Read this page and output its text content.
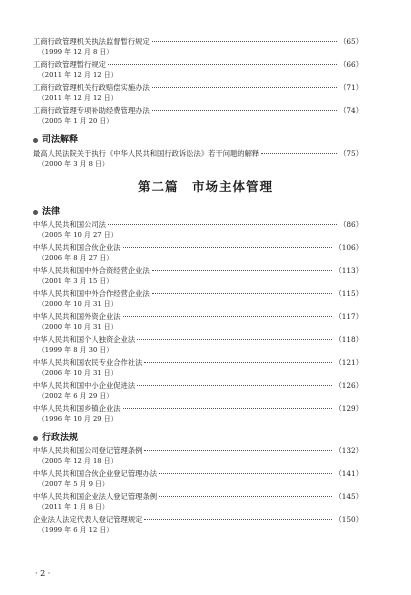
工商行政管理机关执法监督暂行规定	（65）
（1999 年 12 月 8 日）
工商行政管理暂行规定	（66）
（2011 年 12 月 12 日）
工商行政管理机关行政赔偿实施办法	（71）
（2011 年 12 月 12 日）
工商行政管理专项补助经费管理办法	（74）
（2005 年 1 月 20 日）
司法解释
最高人民法院关于执行《中华人民共和国行政诉讼法》若干问题的解释	（75）
（2000 年 3 月 8 日）
第二篇　市场主体管理
法律
中华人民共和国公司法	（86）
（2005 年 10 月 27 日）
中华人民共和国合伙企业法	（106）
（2006 年 8 月 27 日）
中华人民共和国中外合资经营企业法	（113）
（2001 年 3 月 15 日）
中华人民共和国中外合作经营企业法	（115）
（2000 年 10 月 31 日）
中华人民共和国外资企业法	（117）
（2000 年 10 月 31 日）
中华人民共和国个人独资企业法	（118）
（1999 年 8 月 30 日）
中华人民共和国农民专业合作社法	（121）
（2006 年 10 月 31 日）
中华人民共和国中小企业促进法	（126）
（2002 年 6 月 29 日）
中华人民共和国乡镇企业法	（129）
（1996 年 10 月 29 日）
行政法规
中华人民共和国公司登记管理条例	（132）
（2005 年 12 月 18 日）
中华人民共和国合伙企业登记管理办法	（141）
（2007 年 5 月 9 日）
中华人民共和国企业法人登记管理条例	（145）
（2011 年 1 月 8 日）
企业法人法定代表人登记管理规定	（150）
（1999 年 6 月 12 日）
· 2 ·
